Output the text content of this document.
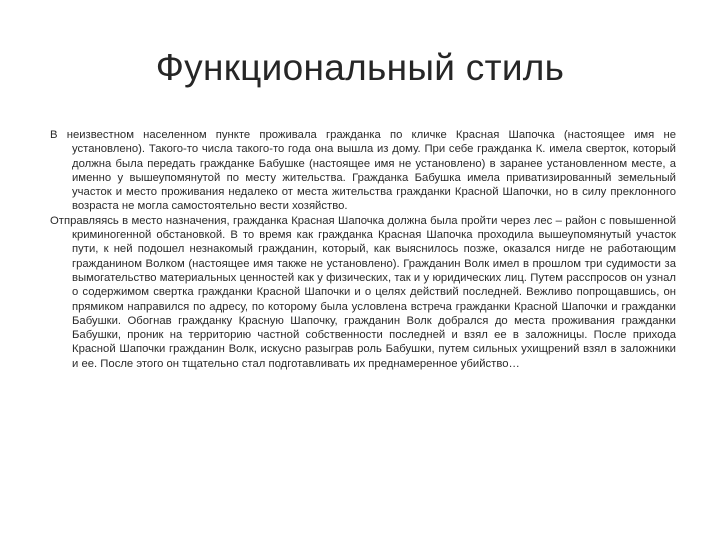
Функциональный стиль

В неизвестном населенном пункте проживала гражданка по кличке Красная Шапочка (настоящее имя не установлено). Такого-то числа такого-то года она вышла из дому. При себе гражданка К. имела сверток, который должна была передать гражданке Бабушке (настоящее имя не установлено) в заранее установленном месте, а именно у вышеупомянутой по месту жительства. Гражданка Бабушка имела приватизированный земельный участок и место проживания недалеко от места жительства гражданки Красной Шапочки, но в силу преклонного возраста не могла самостоятельно вести хозяйство.

Отправляясь в место назначения, гражданка Красная Шапочка должна была пройти через лес – район с повышенной криминогенной обстановкой. В то время как гражданка Красная Шапочка проходила вышеупомянутый участок пути, к ней подошел незнакомый гражданин, который, как выяснилось позже, оказался нигде не работающим гражданином Волком (настоящее имя также не установлено). Гражданин Волк имел в прошлом три судимости за вымогательство материальных ценностей как у физических, так и у юридических лиц. Путем расспросов он узнал о содержимом свертка гражданки Красной Шапочки и о целях действий последней. Вежливо попрощавшись, он прямиком направился по адресу, по которому была условлена встреча гражданки Красной Шапочки и гражданки Бабушки. Обогнав гражданку Красную Шапочку, гражданин Волк добрался до места проживания гражданки Бабушки, проник на территорию частной собственности последней и взял ее в заложницы. После прихода Красной Шапочки гражданин Волк, искусно разыграв роль Бабушки, путем сильных ухищрений взял в заложники и ее. После этого он тщательно стал подготавливать их преднамеренное убийство…
